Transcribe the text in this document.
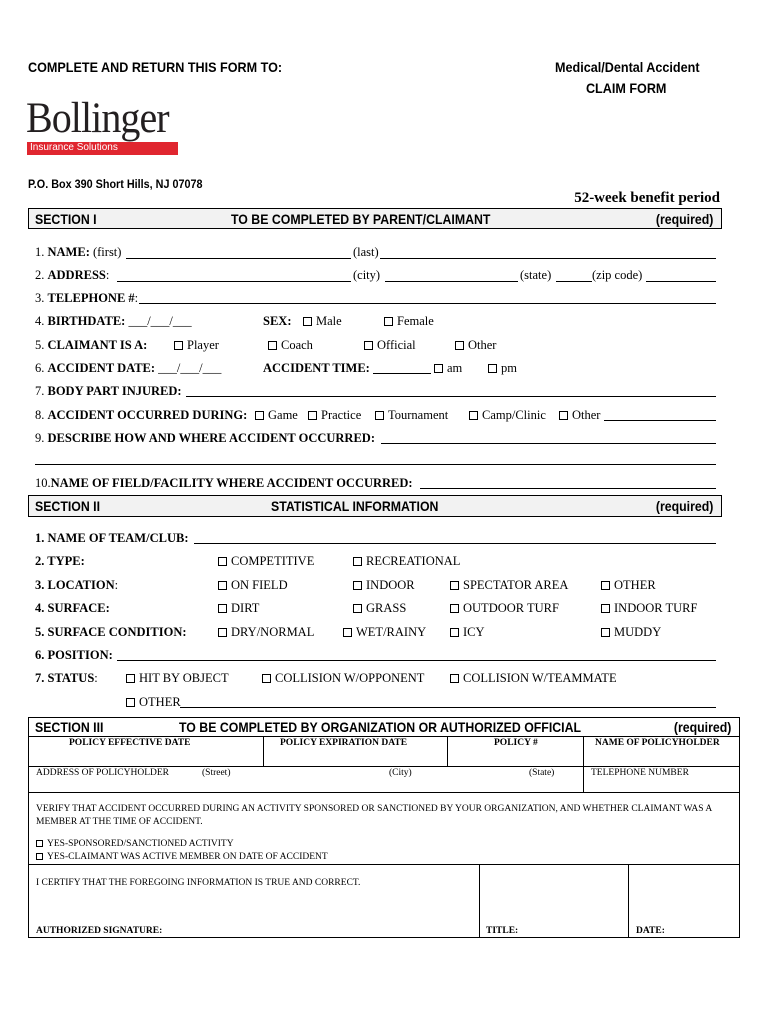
COMPLETE AND RETURN THIS FORM TO:	Medical/Dental Accident
CLAIM FORM
Bollinger
Insurance Solutions
P.O. Box 390 Short Hills, NJ 07078
52-week benefit period
SECTION I	TO BE COMPLETED BY PARENT/CLAIMANT	(required)
1. NAME: (first)	(last)
2. ADDRESS:	(city)	(state)	(zip code)
3. TELEPHONE #:
4. BIRTHDATE: ___/___/___	SEX:	Male	Female
5. CLAIMANT IS A:	Player	Coach	Official	Other
6. ACCIDENT DATE: ___/___/___	ACCIDENT TIME:	am	pm
7. BODY PART INJURED:
8. ACCIDENT OCCURRED DURING:	Game	Practice	Tournament	Camp/Clinic	Other
9. DESCRIBE HOW AND WHERE ACCIDENT OCCURRED:
10.NAME OF FIELD/FACILITY WHERE ACCIDENT OCCURRED:
SECTION II	STATISTICAL INFORMATION	(required)
1. NAME OF TEAM/CLUB:
2. TYPE:	COMPETITIVE	RECREATIONAL
3. LOCATION:	ON FIELD	INDOOR	SPECTATOR AREA	OTHER
4. SURFACE:	DIRT	GRASS	OUTDOOR TURF	INDOOR TURF
5. SURFACE CONDITION:	DRY/NORMAL	WET/RAINY	ICY	MUDDY
6. POSITION:
7. STATUS:	HIT BY OBJECT	COLLISION W/OPPONENT	COLLISION W/TEAMMATE
OTHER
SECTION III	TO BE COMPLETED BY ORGANIZATION OR AUTHORIZED OFFICIAL	(required)
POLICY EFFECTIVE DATE	POLICY EXPIRATION DATE	POLICY #	NAME OF POLICYHOLDER
ADDRESS OF POLICYHOLDER	(Street)	(City)	(State)	TELEPHONE NUMBER
VERIFY THAT ACCIDENT OCCURRED DURING AN ACTIVITY SPONSORED OR SANCTIONED BY YOUR ORGANIZATION, AND WHETHER CLAIMANT WAS A MEMBER AT THE TIME OF ACCIDENT.
YES-SPONSORED/SANCTIONED ACTIVITY
YES-CLAIMANT WAS ACTIVE MEMBER ON DATE OF ACCIDENT
I CERTIFY THAT THE FOREGOING INFORMATION IS TRUE AND CORRECT.
AUTHORIZED SIGNATURE:	TITLE:	DATE:
